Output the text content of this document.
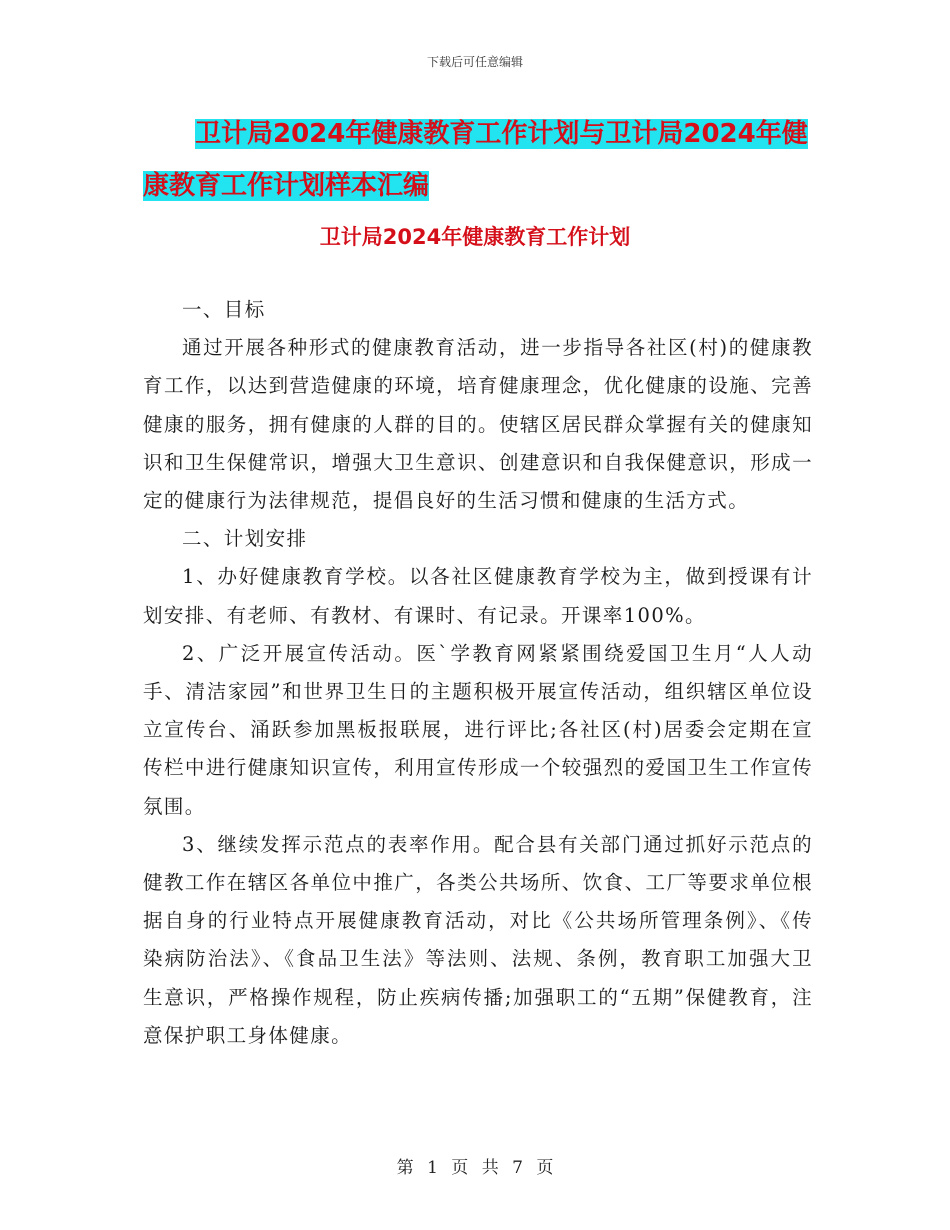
下载后可任意编辑
卫计局2024年健康教育工作计划与卫计局2024年健
康教育工作计划样本汇编
卫计局2024年健康教育工作计划

一、目标

通过开展各种形式的健康教育活动，进一步指导各社区(村)的健康教育工作，以达到营造健康的环境，培育健康理念，优化健康的设施、完善健康的服务，拥有健康的人群的目的。使辖区居民群众掌握有关的健康知识和卫生保健常识，增强大卫生意识、创建意识和自我保健意识，形成一定的健康行为法律规范，提倡良好的生活习惯和健康的生活方式。

二、计划安排

1、办好健康教育学校。以各社区健康教育学校为主，做到授课有计划安排、有老师、有教材、有课时、有记录。开课率100%。

2、广泛开展宣传活动。医`学教育网紧紧围绕爱国卫生月“人人动手、清洁家园”和世界卫生日的主题积极开展宣传活动，组织辖区单位设立宣传台、涌跃参加黑板报联展，进行评比;各社区(村)居委会定期在宣传栏中进行健康知识宣传，利用宣传形成一个较强烈的爱国卫生工作宣传氛围。

3、继续发挥示范点的表率作用。配合县有关部门通过抓好示范点的健教工作在辖区各单位中推广，各类公共场所、饮食、工厂等要求单位根据自身的行业特点开展健康教育活动，对比《公共场所管理条例》、《传染病防治法》、《食品卫生法》等法则、法规、条例，教育职工加强大卫生意识，严格操作规程，防止疾病传播;加强职工的“五期”保健教育，注意保护职工身体健康。

第 1 页 共 7 页
